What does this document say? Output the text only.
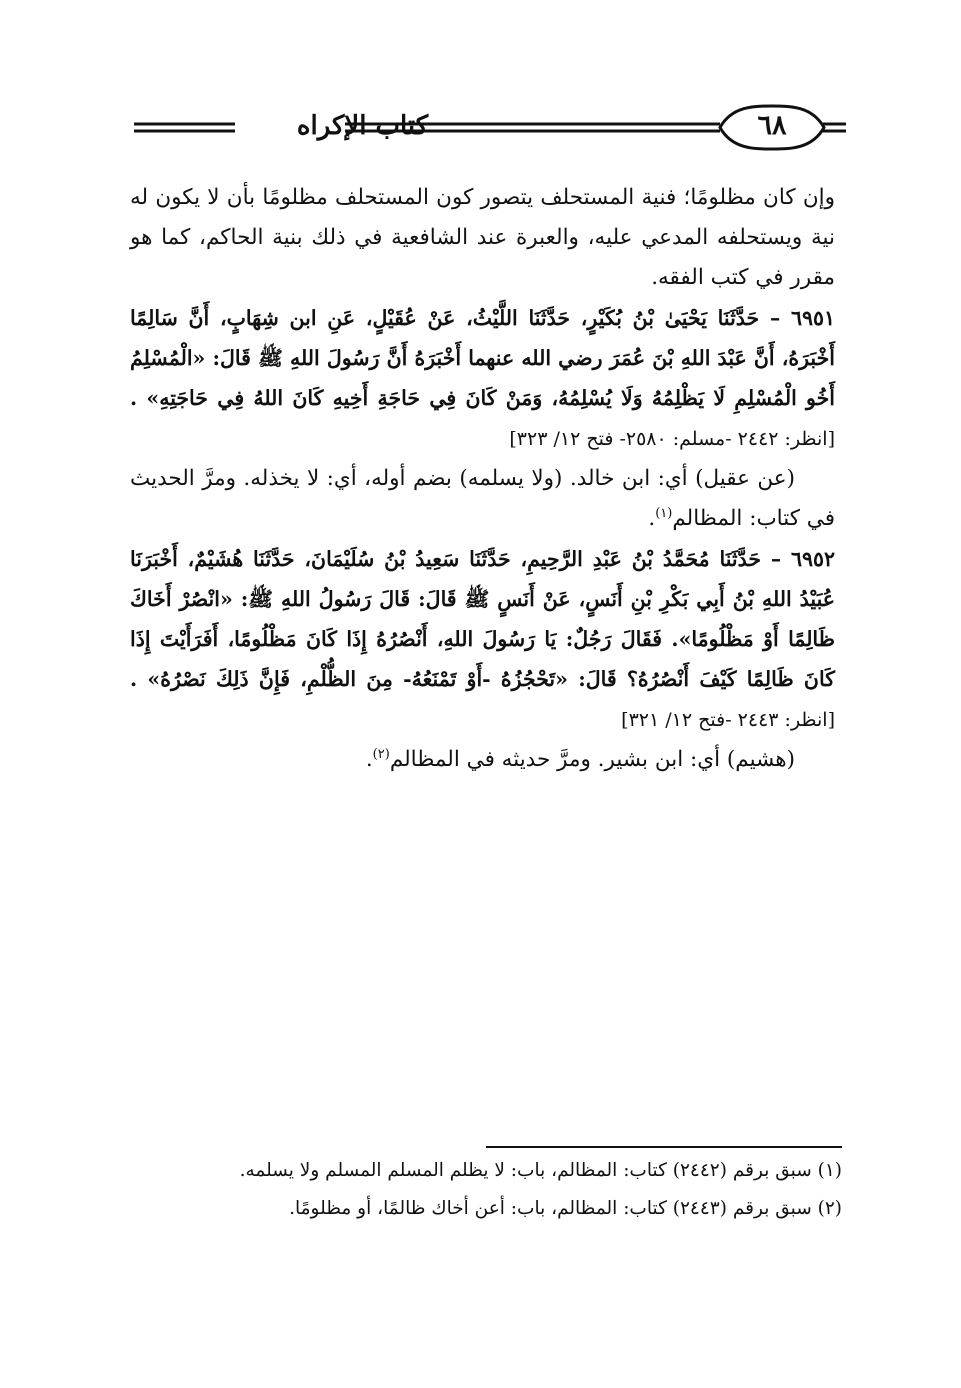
كتاب الإكراه	٦٨

وإن كان مظلومًا؛ فنية المستحلف يتصور كون المستحلف مظلومًا بأن لا يكون له نية ويستحلفه المدعي عليه، والعبرة عند الشافعية في ذلك بنية الحاكم، كما هو مقرر في كتب الفقه.

٦٩٥١ – حَدَّثَنَا يَحْيَىٰ بْنُ بُكَيْرٍ، حَدَّثَنَا اللَّيْثُ، عَنْ عُقَيْلٍ، عَنِ ابن شِهَابٍ، أَنَّ سَالِمًا أَخْبَرَهُ، أَنَّ عَبْدَ اللهِ بْنَ عُمَرَ رضي الله عنهما أَخْبَرَهُ أَنَّ رَسُولَ اللهِ ﷺ قَالَ: «الْمُسْلِمُ أَخُو الْمُسْلِمِ لَا يَظْلِمُهُ وَلَا يُسْلِمُهُ، وَمَنْ كَانَ فِي حَاجَةِ أَخِيهِ كَانَ اللهُ فِي حَاجَتِهِ» .[انظر: ٢٤٤٢ -مسلم: ٢٥٨٠- فتح ١٢/ ٣٢٣]

(عن عقيل) أي: ابن خالد. (ولا يسلمه) بضم أوله، أي: لا يخذله. ومرَّ الحديث في كتاب: المظالم$^{(١)}$.

٦٩٥٢ – حَدَّثَنَا مُحَمَّدُ بْنُ عَبْدِ الرَّحِيمِ، حَدَّثَنَا سَعِيدُ بْنُ سُلَيْمَانَ، حَدَّثَنَا هُشَيْمٌ، أَخْبَرَنَا عُبَيْدُ اللهِ بْنُ أَبِي بَكْرِ بْنِ أَنَسٍ، عَنْ أَنَسٍ ﷺ قَالَ: قَالَ رَسُولُ اللهِ ﷺ: «انْصُرْ أَخَاكَ ظَالِمًا أَوْ مَظْلُومًا». فَقَالَ رَجُلٌ: يَا رَسُولَ اللهِ، أَنْصُرُهُ إِذَا كَانَ مَظْلُومًا، أَفَرَأَيْتَ إِذَا كَانَ ظَالِمًا كَيْفَ أَنْصُرُهُ؟ قَالَ: «تَحْجُزُهُ -أَوْ تَمْنَعُهُ- مِنَ الظُّلْمِ، فَإِنَّ ذَلِكَ نَصْرُهُ» .[انظر: ٢٤٤٣ -فتح ١٢/ ٣٢١]

(هشيم) أي: ابن بشير. ومرَّ حديثه في المظالم$^{(٢)}$.

(١) سبق برقم (٢٤٤٢) كتاب: المظالم، باب: لا يظلم المسلم المسلم ولا يسلمه.

(٢) سبق برقم (٢٤٤٣) كتاب: المظالم، باب: أعن أخاك ظالمًا، أو مظلومًا.
